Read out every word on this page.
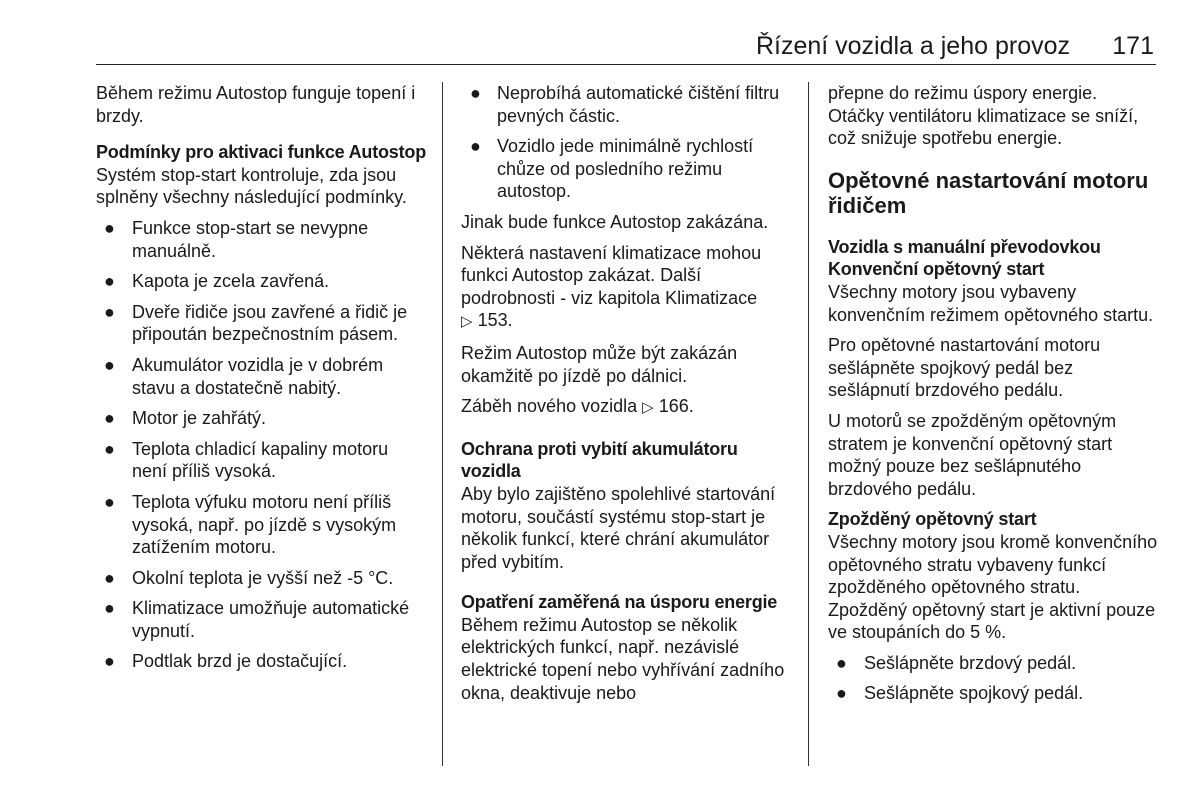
Řízení vozidla a jeho provoz 171

Během režimu Autostop funguje topení i brzdy.

Podmínky pro aktivaci funkce Autostop

Systém stop-start kontroluje, zda jsou splněny všechny následující podmínky.

● Funkce stop-start se nevypne manuálně.
● Kapota je zcela zavřená.
● Dveře řidiče jsou zavřené a řidič je připoután bezpečnostním pásem.
● Akumulátor vozidla je v dobrém stavu a dostatečně nabitý.
● Motor je zahřátý.
● Teplota chladicí kapaliny motoru není příliš vysoká.
● Teplota výfuku motoru není příliš vysoká, např. po jízdě s vysokým zatížením motoru.
● Okolní teplota je vyšší než -5 °C.
● Klimatizace umožňuje automatické vypnutí.
● Podtlak brzd je dostačující.
● Neprobíhá automatické čištění filtru pevných částic.
● Vozidlo jede minimálně rychlostí chůze od posledního režimu autostop.

Jinak bude funkce Autostop zakázána.

Některá nastavení klimatizace mohou funkci Autostop zakázat. Další podrobnosti - viz kapitola Klimatizace
▷ 153.

Režim Autostop může být zakázán okamžitě po jízdě po dálnici.

Záběh nového vozidla ▷ 166.

Ochrana proti vybití akumulátoru vozidla

Aby bylo zajištěno spolehlivé startování motoru, součástí systému stop-start je několik funkcí, které chrání akumulátor před vybitím.

Opatření zaměřená na úsporu energie

Během režimu Autostop se několik elektrických funkcí, např. nezávislé elektrické topení nebo vyhřívání zadního okna, deaktivuje nebo

přepne do režimu úspory energie. Otáčky ventilátoru klimatizace se sníží, což snižuje spotřebu energie.

Opětovné nastartování motoru řidičem
Vozidla s manuální převodovkou
Konvenční opětovný start

Všechny motory jsou vybaveny konvenčním režimem opětovného startu.

Pro opětovné nastartování motoru sešlápněte spojkový pedál bez sešlápnutí brzdového pedálu.

U motorů se zpožděným opětovným stratem je konvenční opětovný start možný pouze bez sešlápnutého brzdového pedálu.

Zpožděný opětovný start

Všechny motory jsou kromě konvenčního opětovného stratu vybaveny funkcí zpožděného opětovného stratu. Zpožděný opětovný start je aktivní pouze ve stoupáních do 5 %.

● Sešlápněte brzdový pedál.
● Sešlápněte spojkový pedál.
